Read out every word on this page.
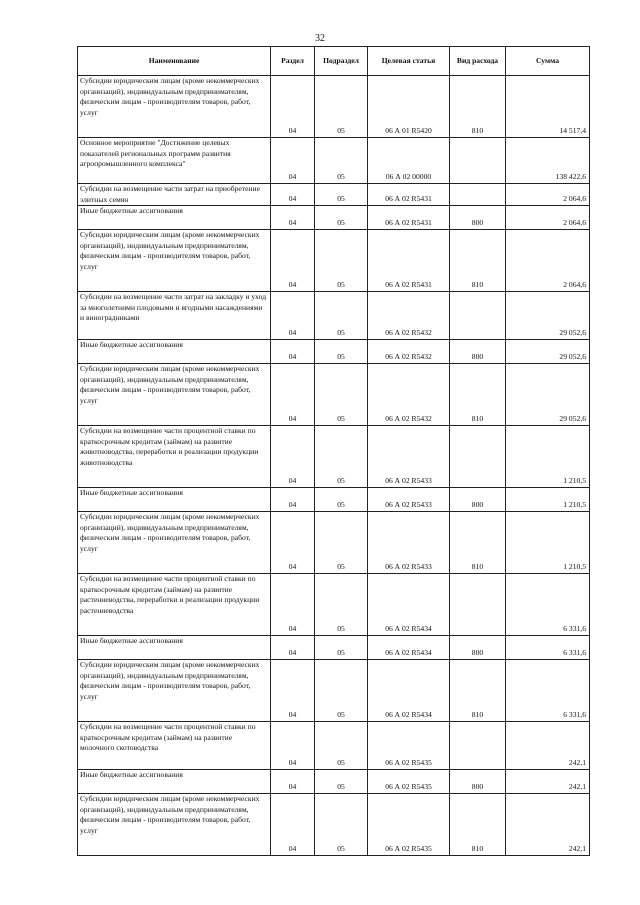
32
Наименование	Раздел	Подраздел	Целевая статья	Вид расхода	Сумма

Субсидии юридическим лицам (кроме некоммерческих организаций), индивидуальным предпринимателям, физическим лицам - производителям товаров, работ, услуг	04	05	06 А 01 R5420	810	14 517,4

Основное мероприятие "Достижение целевых показателей региональных программ развития агропромышленного комплекса"	04	05	06 А 02 00000		138 422,6

Субсидии на возмещение части затрат на приобретение элитных семян	04	05	06 А 02 R5431		2 064,6

Иные бюджетные ассигнования	04	05	06 А 02 R5431	800	2 064,6

Субсидии юридическим лицам (кроме некоммерческих организаций), индивидуальным предпринимателям, физическим лицам - производителям товаров, работ, услуг	04	05	06 А 02 R5431	810	2 064,6

Субсидии на возмещение части затрат на закладку и уход за многолетними плодовыми и ягодными насаждениями и виноградниками	04	05	06 А 02 R5432		29 052,6

Иные бюджетные ассигнования	04	05	06 А 02 R5432	800	29 052,6

Субсидии юридическим лицам (кроме некоммерческих организаций), индивидуальным предпринимателям, физическим лицам - производителям товаров, работ, услуг	04	05	06 А 02 R5432	810	29 052,6

Субсидии на возмещение части процентной ставки по краткосрочным кредитам (займам) на развитие животноводства, переработки и реализации продукции животноводства	04	05	06 А 02 R5433		1 210,5

Иные бюджетные ассигнования	04	05	06 А 02 R5433	800	1 210,5

Субсидии юридическим лицам (кроме некоммерческих организаций), индивидуальным предпринимателям, физическим лицам - производителям товаров, работ, услуг	04	05	06 А 02 R5433	810	1 210,5

Субсидии на возмещение части процентной ставки по краткосрочным кредитам (займам) на развитие растениеводства, переработки и реализации продукции растениеводства	04	05	06 А 02 R5434		6 331,6

Иные бюджетные ассигнования	04	05	06 А 02 R5434	800	6 331,6

Субсидии юридическим лицам (кроме некоммерческих организаций), индивидуальным предпринимателям, физическим лицам - производителям товаров, работ, услуг	04	05	06 А 02 R5434	810	6 331,6

Субсидии на возмещение части процентной ставки по краткосрочным кредитам (займам) на развитие молочного скотоводства	04	05	06 А 02 R5435		242,1

Иные бюджетные ассигнования	04	05	06 А 02 R5435	800	242,1

Субсидии юридическим лицам (кроме некоммерческих организаций), индивидуальным предпринимателям, физическим лицам - производителям товаров, работ, услуг	04	05	06 А 02 R5435	810	242,1
